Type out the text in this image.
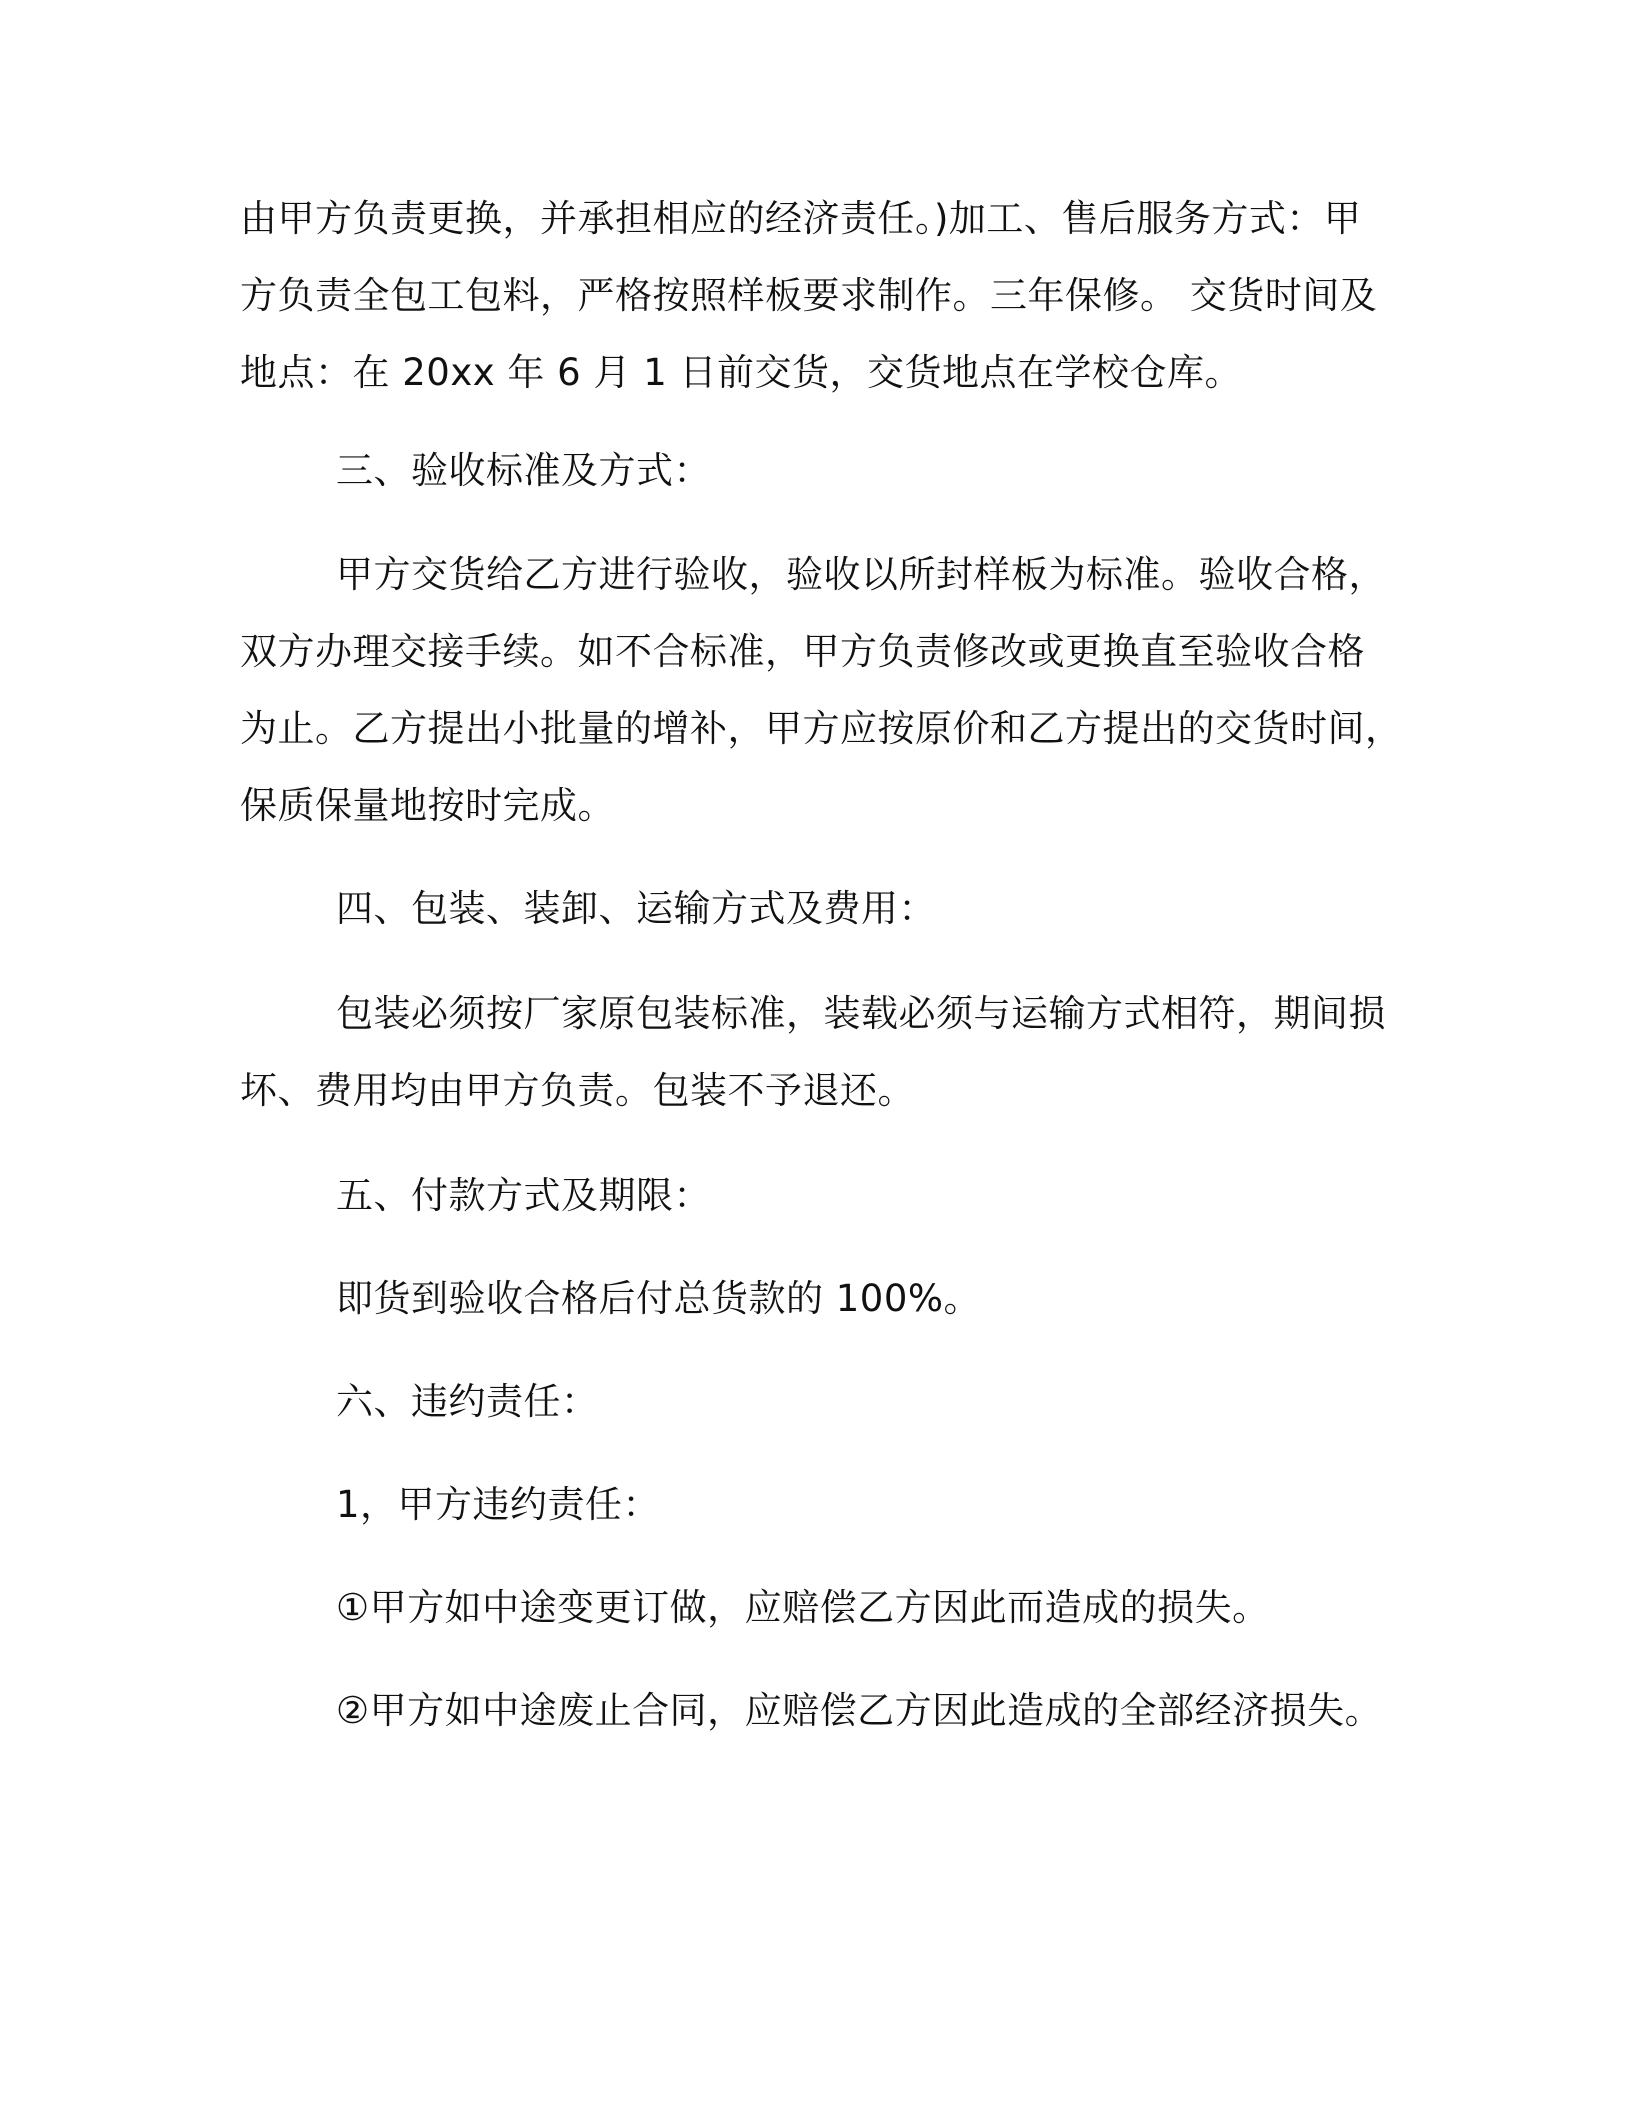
由甲方负责更换，并承担相应的经济责任。)加工、售后服务方式：甲
方负责全包工包料，严格按照样板要求制作。三年保修。 交货时间及
地点：在 20xx 年 6 月 1 日前交货，交货地点在学校仓库。
三、验收标准及方式：
甲方交货给乙方进行验收，验收以所封样板为标准。验收合格，
双方办理交接手续。如不合标准，甲方负责修改或更换直至验收合格
为止。乙方提出小批量的增补，甲方应按原价和乙方提出的交货时间，
保质保量地按时完成。
四、包装、装卸、运输方式及费用：
包装必须按厂家原包装标准，装载必须与运输方式相符，期间损
坏、费用均由甲方负责。包装不予退还。
五、付款方式及期限：
即货到验收合格后付总货款的 100%。
六、违约责任：
1，甲方违约责任：
①甲方如中途变更订做，应赔偿乙方因此而造成的损失。
②甲方如中途废止合同，应赔偿乙方因此造成的全部经济损失。
